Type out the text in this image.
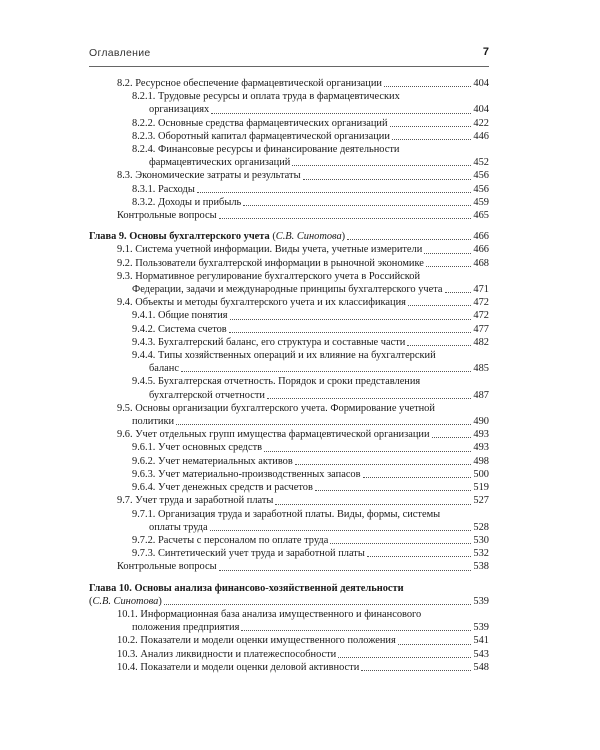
Оглавление	7
8.2. Ресурсное обеспечение фармацевтической организации	404
8.2.1. Трудовые ресурсы и оплата труда в фармацевтических
организациях	404
8.2.2. Основные средства фармацевтических организаций	422
8.2.3. Оборотный капитал фармацевтической организации	446
8.2.4. Финансовые ресурсы и финансирование деятельности
фармацевтических организаций	452
8.3. Экономические затраты и результаты	456
8.3.1. Расходы	456
8.3.2. Доходы и прибыль	459
Контрольные вопросы	465
Глава 9. Основы бухгалтерского учета (С.В. Синотова)	466
9.1. Система учетной информации. Виды учета, учетные измерители	466
9.2. Пользователи бухгалтерской информации в рыночной экономике	468
9.3. Нормативное регулирование бухгалтерского учета в Российской
Федерации, задачи и международные принципы бухгалтерского учета	471
9.4. Объекты и методы бухгалтерского учета и их классификация	472
9.4.1. Общие понятия	472
9.4.2. Система счетов	477
9.4.3. Бухгалтерский баланс, его структура и составные части	482
9.4.4. Типы хозяйственных операций и их влияние на бухгалтерский
баланс	485
9.4.5. Бухгалтерская отчетность. Порядок и сроки представления
бухгалтерской отчетности	487
9.5. Основы организации бухгалтерского учета. Формирование учетной
политики	490
9.6. Учет отдельных групп имущества фармацевтической организации	493
9.6.1. Учет основных средств	493
9.6.2. Учет нематериальных активов	498
9.6.3. Учет материально-производственных запасов	500
9.6.4. Учет денежных средств и расчетов	519
9.7. Учет труда и заработной платы	527
9.7.1. Организация труда и заработной платы. Виды, формы, системы
оплаты труда	528
9.7.2. Расчеты с персоналом по оплате труда	530
9.7.3. Синтетический учет труда и заработной платы	532
Контрольные вопросы	538
Глава 10. Основы анализа финансово-хозяйственной деятельности
(С.В. Синотова)	539
10.1. Информационная база анализа имущественного и финансового
положения предприятия	539
10.2. Показатели и модели оценки имущественного положения	541
10.3. Анализ ликвидности и платежеспособности	543
10.4. Показатели и модели оценки деловой активности	548
